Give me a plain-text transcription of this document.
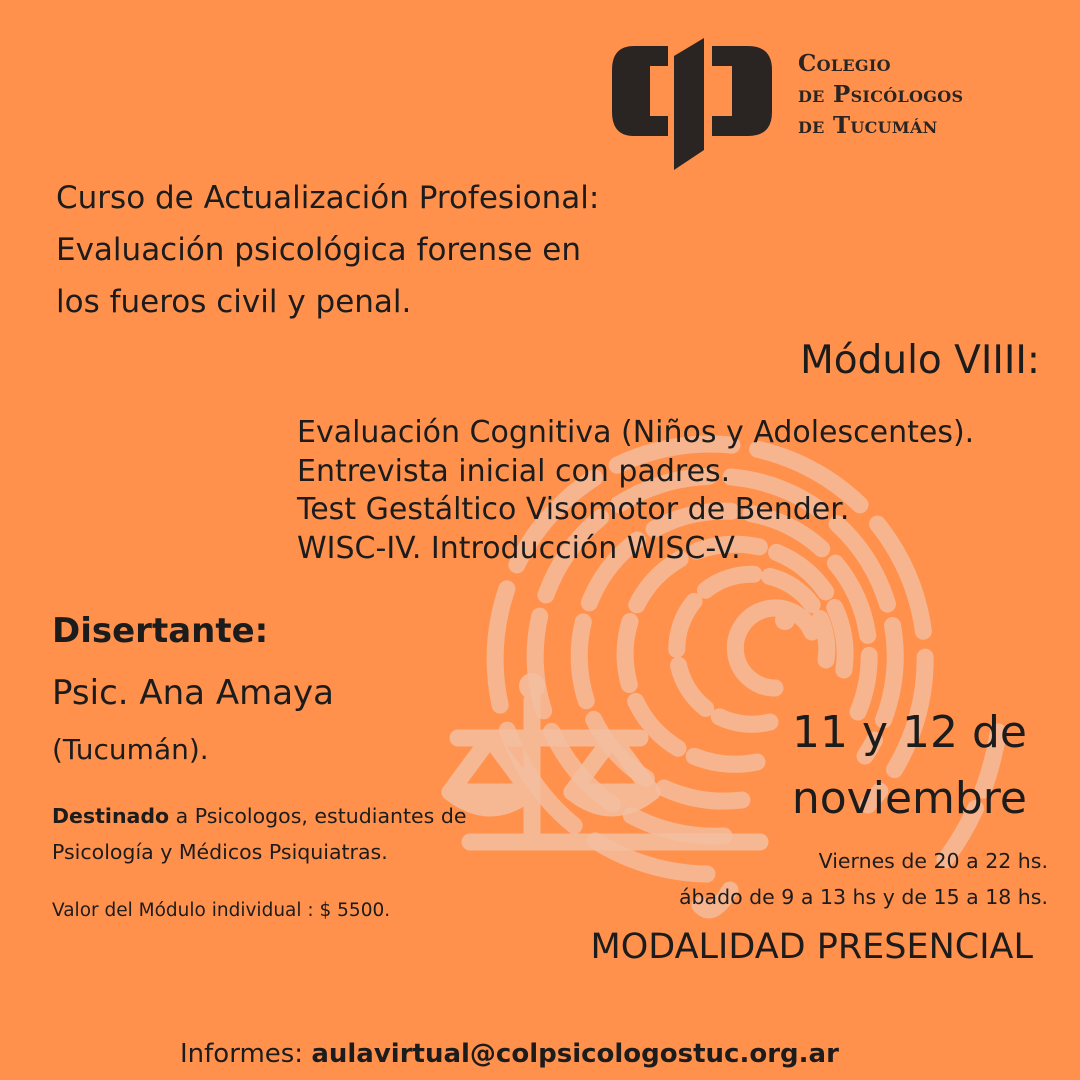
Colegio
de Psicólogos
de Tucumán
Curso de Actualización Profesional:
Evaluación psicológica forense en
los fueros civil y penal.
Módulo VIIII:
Evaluación Cognitiva (Niños y Adolescentes).
Entrevista inicial con padres.
Test Gestáltico Visomotor de Bender.
WISC-IV. Introducción WISC-V.
Disertante:
Psic. Ana Amaya
(Tucumán).
Destinado a Psicologos, estudiantes de
Psicología y Médicos Psiquiatras.
Valor del Módulo individual : $ 5500.
11 y 12 de
noviembre
Viernes de 20 a 22 hs.
ábado de 9 a 13 hs y de 15 a 18 hs.
MODALIDAD PRESENCIAL
Informes: aulavirtual@colpsicologostuc.org.ar
